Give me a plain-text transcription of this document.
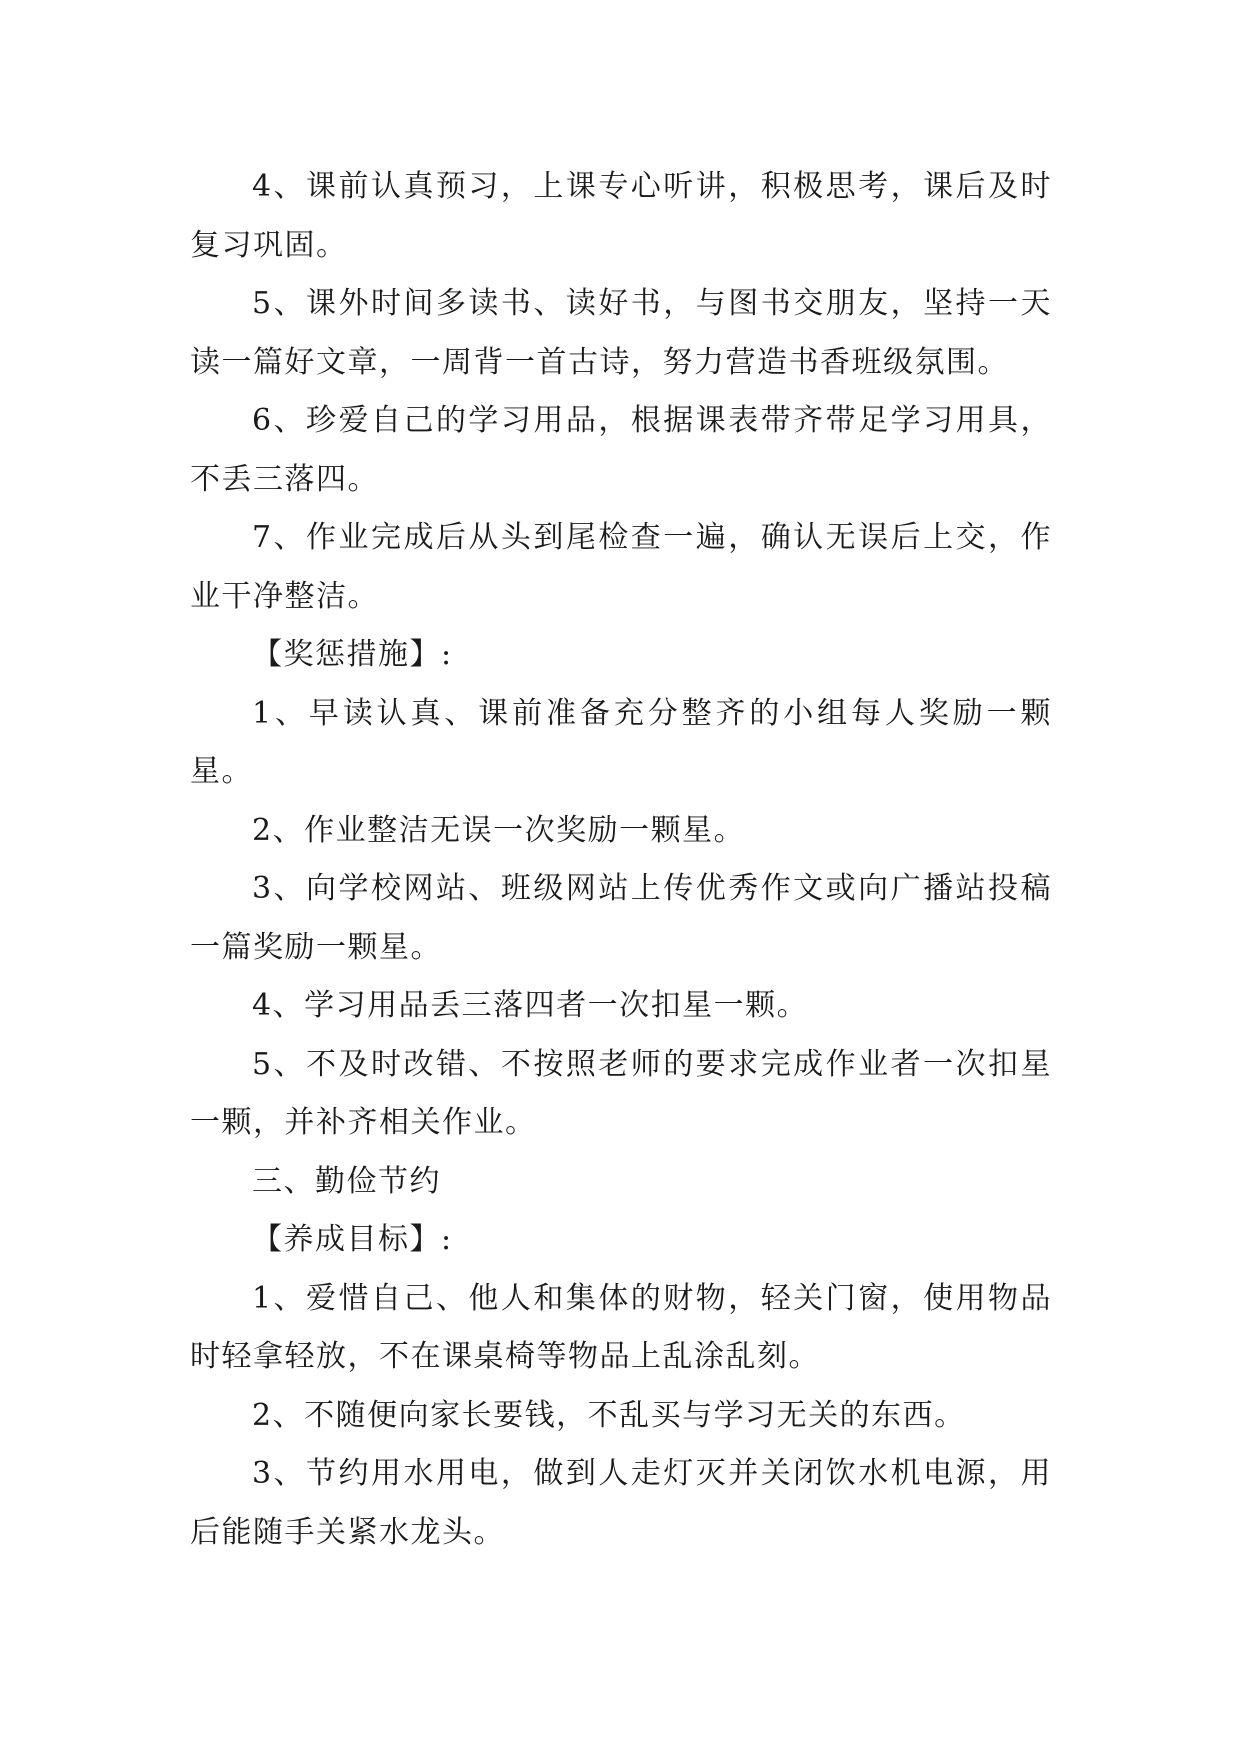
4、课前认真预习，上课专心听讲，积极思考，课后及时复习巩固。

5、课外时间多读书、读好书，与图书交朋友，坚持一天读一篇好文章，一周背一首古诗，努力营造书香班级氛围。

6、珍爱自己的学习用品，根据课表带齐带足学习用具，不丢三落四。

7、作业完成后从头到尾检查一遍，确认无误后上交，作业干净整洁。

【奖惩措施】:

1、早读认真、课前准备充分整齐的小组每人奖励一颗星。

2、作业整洁无误一次奖励一颗星。

3、向学校网站、班级网站上传优秀作文或向广播站投稿一篇奖励一颗星。

4、学习用品丢三落四者一次扣星一颗。

5、不及时改错、不按照老师的要求完成作业者一次扣星一颗，并补齐相关作业。

三、勤俭节约

【养成目标】:

1、爱惜自己、他人和集体的财物，轻关门窗，使用物品时轻拿轻放，不在课桌椅等物品上乱涂乱刻。

2、不随便向家长要钱，不乱买与学习无关的东西。

3、节约用水用电，做到人走灯灭并关闭饮水机电源，用后能随手关紧水龙头。
